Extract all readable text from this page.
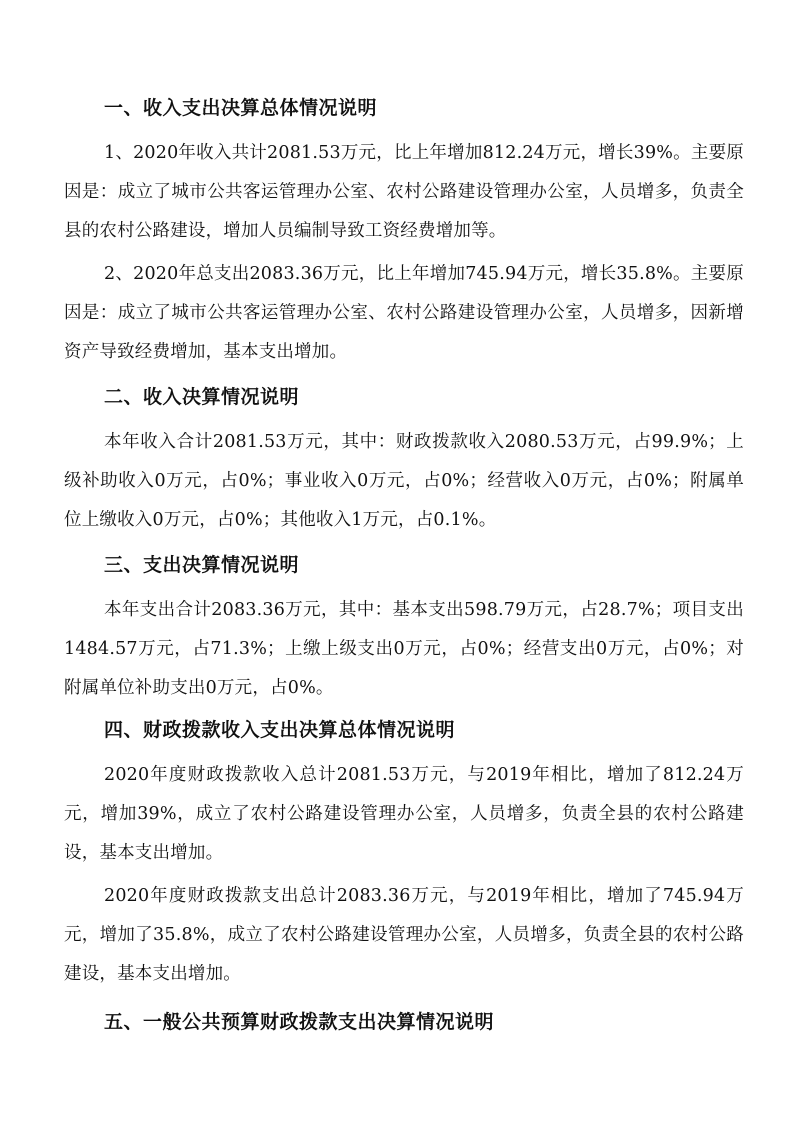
一、收入支出决算总体情况说明

1、2020年收入共计2081.53万元，比上年增加812.24万元，增长39%。主要原因是：成立了城市公共客运管理办公室、农村公路建设管理办公室，人员增多，负责全县的农村公路建设，增加人员编制导致工资经费增加等。

2、2020年总支出2083.36万元，比上年增加745.94万元，增长35.8%。主要原因是：成立了城市公共客运管理办公室、农村公路建设管理办公室，人员增多，因新增资产导致经费增加，基本支出增加。

二、收入决算情况说明

本年收入合计2081.53万元，其中：财政拨款收入2080.53万元，占99.9%；上级补助收入0万元，占0%；事业收入0万元，占0%；经营收入0万元，占0%；附属单位上缴收入0万元，占0%；其他收入1万元，占0.1%。

三、支出决算情况说明

本年支出合计2083.36万元，其中：基本支出598.79万元，占28.7%；项目支出1484.57万元，占71.3%；上缴上级支出0万元，占0%；经营支出0万元，占0%；对附属单位补助支出0万元，占0%。

四、财政拨款收入支出决算总体情况说明

2020年度财政拨款收入总计2081.53万元，与2019年相比，增加了812.24万元，增加39%，成立了农村公路建设管理办公室，人员增多，负责全县的农村公路建设，基本支出增加。

2020年度财政拨款支出总计2083.36万元，与2019年相比，增加了745.94万元，增加了35.8%，成立了农村公路建设管理办公室，人员增多，负责全县的农村公路建设，基本支出增加。

五、一般公共预算财政拨款支出决算情况说明
